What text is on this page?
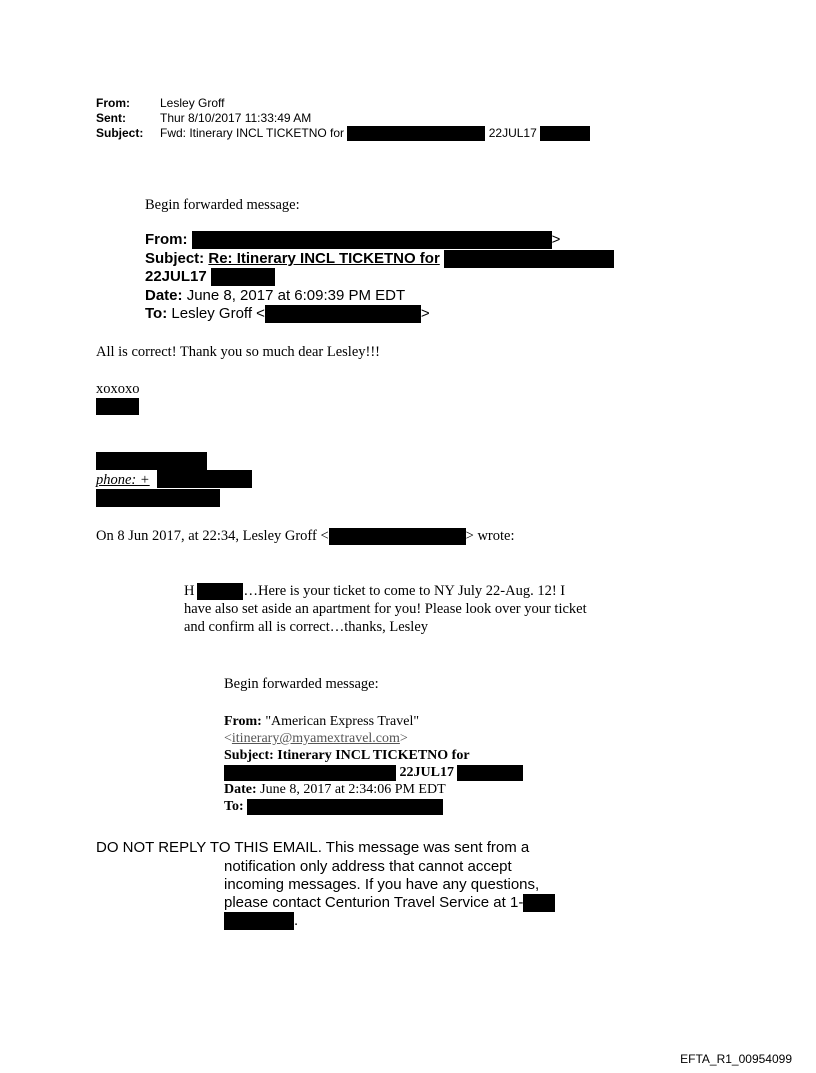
From:	Lesley Groff
Sent:	Thur 8/10/2017 11:33:49 AM
Subject: Fwd: Itinerary INCL TICKETNO for	22JUL17
Begin forwarded message:
From:	>
Subject: Re: Itinerary INCL TICKETNO for
22JUL17
Date: June 8, 2017 at 6:09:39 PM EDT
To: Lesley Groff <	>
All is correct! Thank you so much dear Lesley!!!
xoxoxo
phone: +
On 8 Jun 2017, at 22:34, Lesley Groff <	> wrote:
H	…Here is your ticket to come to NY July 22-Aug. 12! I
have also set aside an apartment for you! Please look over your ticket
and confirm all is correct…thanks, Lesley
Begin forwarded message:
From: "American Express Travel"
<itinerary@myamextravel.com>
Subject: Itinerary INCL TICKETNO for
22JUL17
Date: June 8, 2017 at 2:34:06 PM EDT
To:
DO NOT REPLY TO THIS EMAIL. This message was sent from a
notification only address that cannot accept
incoming messages. If you have any questions,
please contact Centurion Travel Service at 1-
.
EFTA_R1_00954099
